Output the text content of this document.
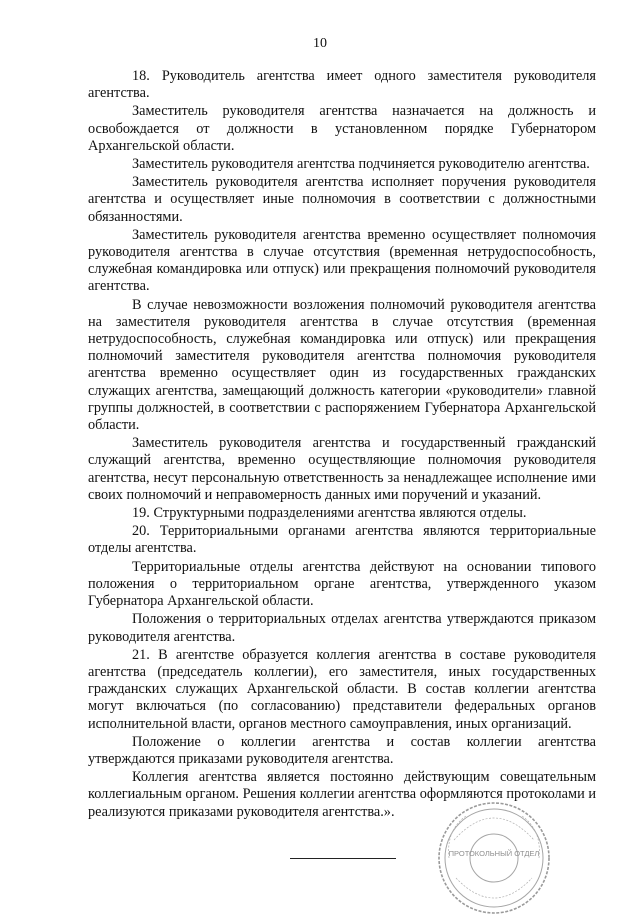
10

18. Руководитель агентства имеет одного заместителя руководителя агентства.

Заместитель руководителя агентства назначается на должность и освобождается от должности в установленном порядке Губернатором Архангельской области.

Заместитель руководителя агентства подчиняется руководителю агентства.

Заместитель руководителя агентства исполняет поручения руководителя агентства и осуществляет иные полномочия в соответствии с должностными обязанностями.

Заместитель руководителя агентства временно осуществляет полномочия руководителя агентства в случае отсутствия (временная нетрудоспособность, служебная командировка или отпуск) или прекращения полномочий руководителя агентства.

В случае невозможности возложения полномочий руководителя агентства на заместителя руководителя агентства в случае отсутствия (временная нетрудоспособность, служебная командировка или отпуск) или прекращения полномочий заместителя руководителя агентства полномочия руководителя агентства временно осуществляет один из государственных гражданских служащих агентства, замещающий должность категории «руководители» главной группы должностей, в соответствии с распоряжением Губернатора Архангельской области.

Заместитель руководителя агентства и государственный гражданский служащий агентства, временно осуществляющие полномочия руководителя агентства, несут персональную ответственность за ненадлежащее исполнение ими своих полномочий и неправомерность данных ими поручений и указаний.

19. Структурными подразделениями агентства являются отделы.

20. Территориальными органами агентства являются территориальные отделы агентства.

Территориальные отделы агентства действуют на основании типового положения о территориальном органе агентства, утвержденного указом Губернатора Архангельской области.

Положения о территориальных отделах агентства утверждаются приказом руководителя агентства.

21. В агентстве образуется коллегия агентства в составе руководителя агентства (председатель коллегии), его заместителя, иных государственных гражданских служащих Архангельской области. В состав коллегии агентства могут включаться (по согласованию) представители федеральных органов исполнительной власти, органов местного самоуправления, иных организаций.

Положение о коллегии агентства и состав коллегии агентства утверждаются приказами руководителя агентства.

Коллегия агентства является постоянно действующим совещательным коллегиальным органом. Решения коллегии агентства оформляются протоколами и реализуются приказами руководителя агентства.».

ПРОТОКОЛЬНЫЙ ОТДЕЛ
